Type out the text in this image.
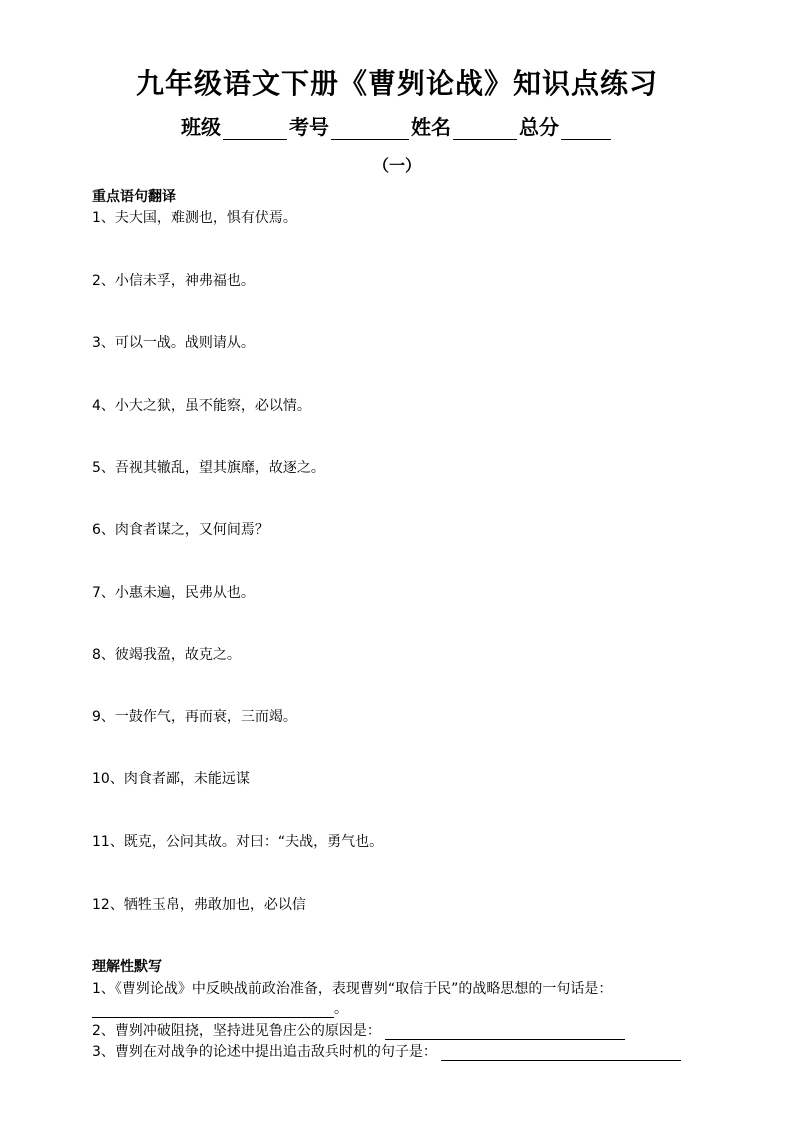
九年级语文下册《曹刿论战》知识点练习
班级	考号	姓名	总分
（一）
重点语句翻译
1、夫大国，难测也，惧有伏焉。
2、小信未孚，神弗福也。
3、可以一战。战则请从。
4、小大之狱，虽不能察，必以情。
5、吾视其辙乱，望其旗靡，故逐之。
6、肉食者谋之，又何间焉？
7、小惠未遍，民弗从也。
8、彼竭我盈，故克之。
9、一鼓作气，再而衰，三而竭。
10、肉食者鄙，未能远谋
11、既克，公问其故。对曰：“夫战，勇气也。
12、牺牲玉帛，弗敢加也，必以信
理解性默写
1、《曹刿论战》中反映战前政治准备，表现曹刿“取信于民”的战略思想的一句话是：
。
2、曹刿冲破阻挠，坚持进见鲁庄公的原因是：
3、曹刿在对战争的论述中提出追击敌兵时机的句子是：
